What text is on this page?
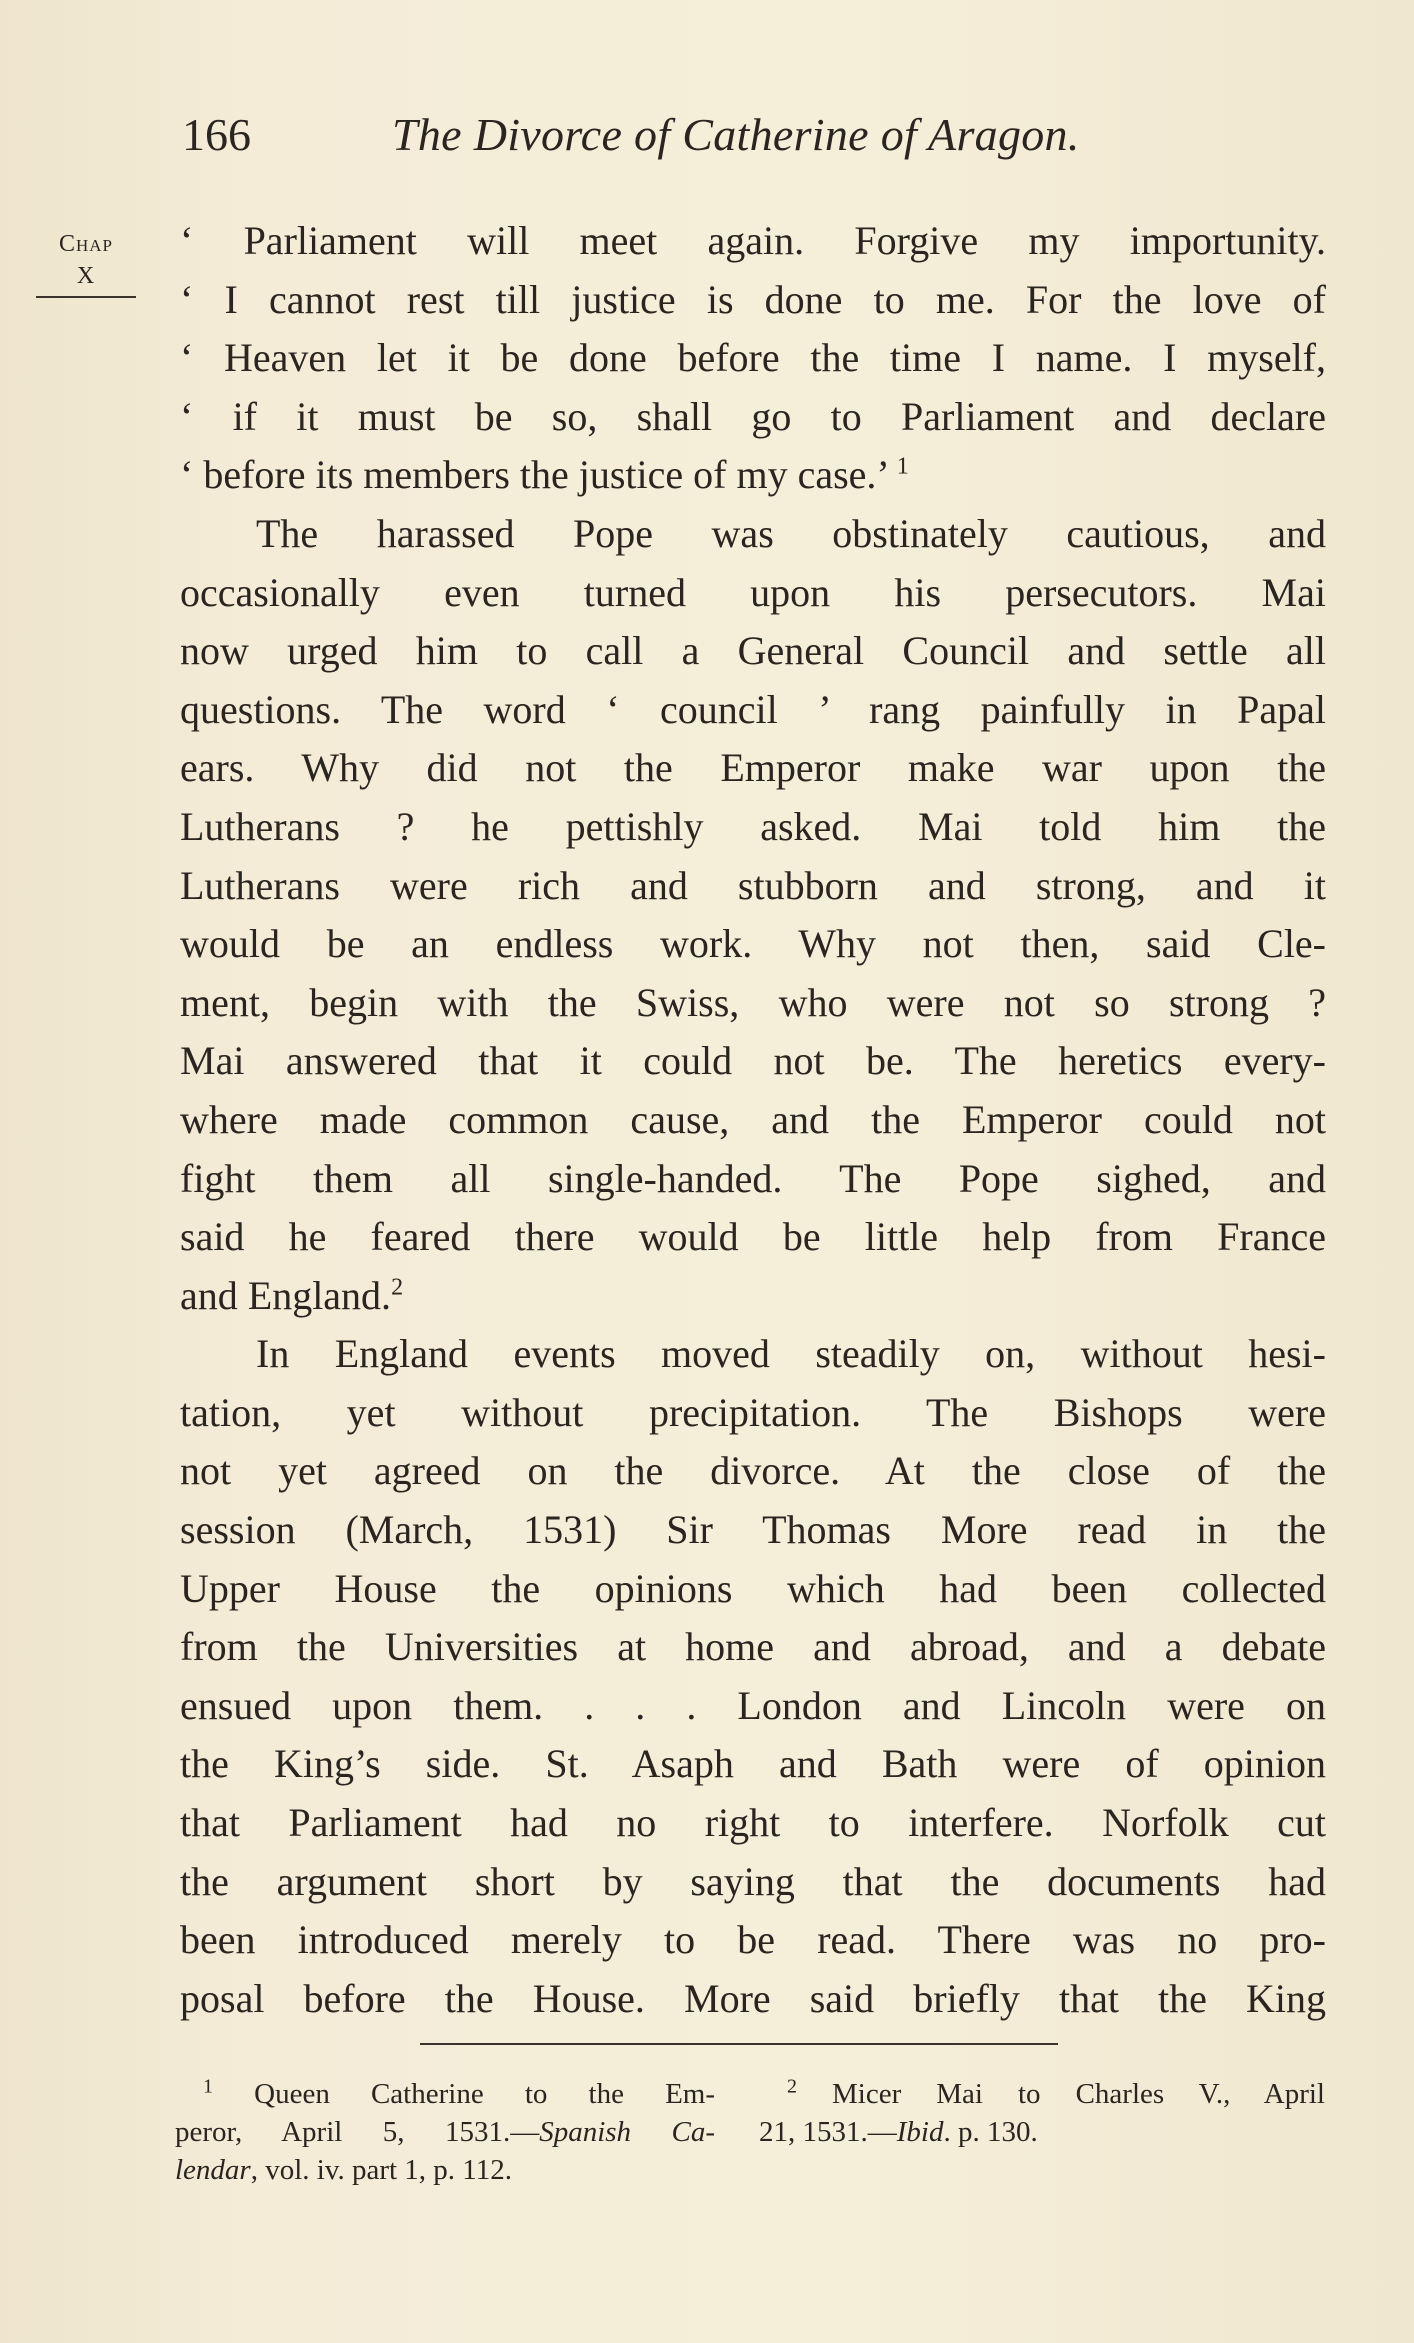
166	The Divorce of Catherine of Aragon.
Chap
X
‘ Parliament will meet again. Forgive my importunity.
‘ I cannot rest till justice is done to me. For the love of
‘ Heaven let it be done before the time I name. I myself,
‘ if it must be so, shall go to Parliament and declare
‘ before its members the justice of my case.’ $^1$
The harassed Pope was obstinately cautious, and
occasionally even turned upon his persecutors. Mai
now urged him to call a General Council and settle all
questions. The word ‘ council ’ rang painfully in Papal
ears. Why did not the Emperor make war upon the
Lutherans ? he pettishly asked. Mai told him the
Lutherans were rich and stubborn and strong, and it
would be an endless work. Why not then, said Cle-
ment, begin with the Swiss, who were not so strong ?
Mai answered that it could not be. The heretics every-
where made common cause, and the Emperor could not
fight them all single-handed. The Pope sighed, and
said he feared there would be little help from France
and England.$^2$
In England events moved steadily on, without hesi-
tation, yet without precipitation. The Bishops were
not yet agreed on the divorce. At the close of the
session (March, 1531) Sir Thomas More read in the
Upper House the opinions which had been collected
from the Universities at home and abroad, and a debate
ensued upon them. . . . London and Lincoln were on
the King’s side. St. Asaph and Bath were of opinion
that Parliament had no right to interfere. Norfolk cut
the argument short by saying that the documents had
been introduced merely to be read. There was no pro-
posal before the House. More said briefly that the King
$^1$ Queen Catherine to the Em-
peror, April 5, 1531.—Spanish Ca-
lendar, vol. iv. part 1, p. 112.
$^2$ Micer Mai to Charles V., April
21, 1531.—Ibid. p. 130.
